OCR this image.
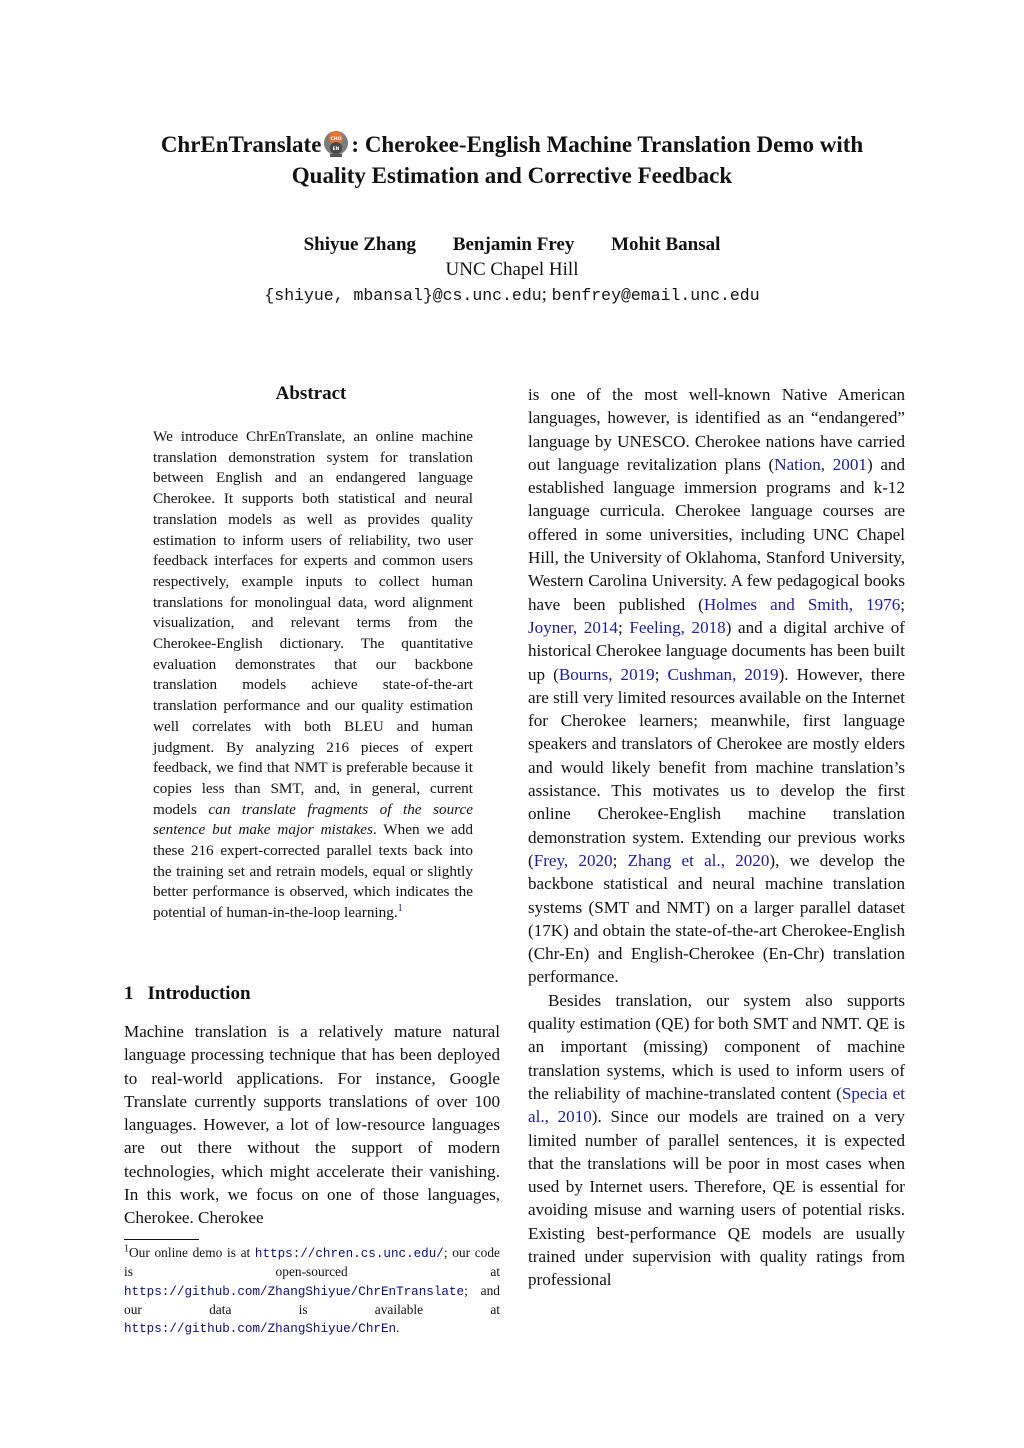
ChrEnTranslate CHO
EN : Cherokee-English Machine Translation Demo with
Quality Estimation and Corrective Feedback
Shiyue Zhang Benjamin Frey Mohit Bansal
UNC Chapel Hill
{shiyue, mbansal}@cs.unc.edu; benfrey@email.unc.edu
Abstract
We introduce ChrEnTranslate, an online machine translation demonstration system for translation between English and an endangered language Cherokee. It supports both statistical and neural translation models as well as provides quality estimation to inform users of reliability, two user feedback interfaces for experts and common users respectively, example inputs to collect human translations for monolingual data, word alignment visualization, and relevant terms from the Cherokee-English dictionary. The quantitative evaluation demonstrates that our backbone translation models achieve state-of-the-art translation performance and our quality estimation well correlates with both BLEU and human judgment. By analyzing 216 pieces of expert feedback, we find that NMT is preferable because it copies less than SMT, and, in general, current models can translate fragments of the source sentence but make major mistakes. When we add these 216 expert-corrected parallel texts back into the training set and retrain models, equal or slightly better performance is observed, which indicates the potential of human-in-the-loop learning.$^1$
1 Introduction
Machine translation is a relatively mature natural language processing technique that has been deployed to real-world applications. For instance, Google Translate currently supports translations of over 100 languages. However, a lot of low-resource languages are out there without the support of modern technologies, which might accelerate their vanishing. In this work, we focus on one of those languages, Cherokee. Cherokee
$^1$Our online demo is at https://chren.cs.unc.edu/; our code is open-sourced at https://github.com/ZhangShiyue/ChrEnTranslate; and our data is available at https://github.com/ZhangShiyue/ChrEn.

is one of the most well-known Native American languages, however, is identified as an “endangered” language by UNESCO. Cherokee nations have carried out language revitalization plans (Nation, 2001) and established language immersion programs and k-12 language curricula. Cherokee language courses are offered in some universities, including UNC Chapel Hill, the University of Oklahoma, Stanford University, Western Carolina University. A few pedagogical books have been published (Holmes and Smith, 1976; Joyner, 2014; Feeling, 2018) and a digital archive of historical Cherokee language documents has been built up (Bourns, 2019; Cushman, 2019). However, there are still very limited resources available on the Internet for Cherokee learners; meanwhile, first language speakers and translators of Cherokee are mostly elders and would likely benefit from machine translation’s assistance. This motivates us to develop the first online Cherokee-English machine translation demonstration system. Extending our previous works (Frey, 2020; Zhang et al., 2020), we develop the backbone statistical and neural machine translation systems (SMT and NMT) on a larger parallel dataset (17K) and obtain the state-of-the-art Cherokee-English (Chr-En) and English-Cherokee (En-Chr) translation performance.

Besides translation, our system also supports quality estimation (QE) for both SMT and NMT. QE is an important (missing) component of machine translation systems, which is used to inform users of the reliability of machine-translated content (Specia et al., 2010). Since our models are trained on a very limited number of parallel sentences, it is expected that the translations will be poor in most cases when used by Internet users. Therefore, QE is essential for avoiding misuse and warning users of potential risks. Existing best-performance QE models are usually trained under supervision with quality ratings from professional
